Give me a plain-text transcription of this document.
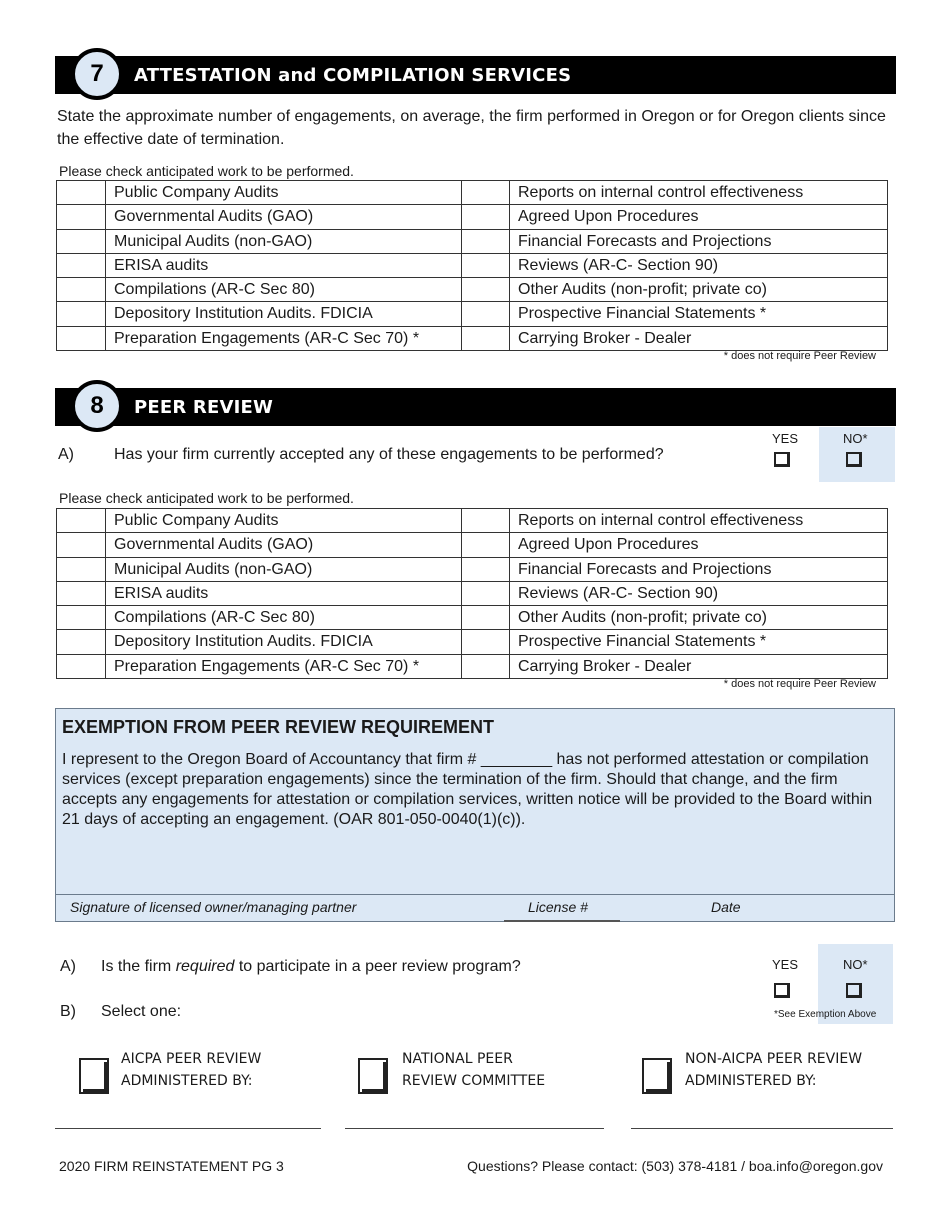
7	ATTESTATION and COMPILATION SERVICES
State the approximate number of engagements, on average, the firm performed in Oregon or for Oregon clients since the effective date of termination.
Please check anticipated work to be performed.
Public Company Audits	Reports on internal control effectiveness
Governmental Audits (GAO)	Agreed Upon Procedures
Municipal Audits (non-GAO)	Financial Forecasts and Projections
ERISA audits	Reviews (AR-C- Section 90)
Compilations (AR-C Sec 80)	Other Audits (non-profit; private co)
Depository Institution Audits. FDICIA	Prospective Financial Statements *
Preparation Engagements (AR-C Sec 70) *	Carrying Broker - Dealer
* does not require Peer Review
8	PEER REVIEW
A)	Has your firm currently accepted any of these engagements to be performed?
YES	NO*
Please check anticipated work to be performed.
Public Company Audits	Reports on internal control effectiveness
Governmental Audits (GAO)	Agreed Upon Procedures
Municipal Audits (non-GAO)	Financial Forecasts and Projections
ERISA audits	Reviews (AR-C- Section 90)
Compilations (AR-C Sec 80)	Other Audits (non-profit; private co)
Depository Institution Audits. FDICIA	Prospective Financial Statements *
Preparation Engagements (AR-C Sec 70) *	Carrying Broker - Dealer
* does not require Peer Review
EXEMPTION FROM PEER REVIEW REQUIREMENT
I represent to the Oregon Board of Accountancy that firm # ________ has not performed attestation or compilation services (except preparation engagements) since the termination of the firm. Should that change, and the firm accepts any engagements for attestation or compilation services, written notice will be provided to the Board within 21 days of accepting an engagement. (OAR 801-050-0040(1)(c)).
Signature of licensed owner/managing partner	License #	Date
A) Is the firm required to participate in a peer review program?
B) Select one:
YES	NO*
*See Exemption Above
AICPA PEER REVIEW
ADMINISTERED BY:
NATIONAL PEER
REVIEW COMMITTEE
NON-AICPA PEER REVIEW
ADMINISTERED BY:
2020 FIRM REINSTATEMENT PG 3	Questions? Please contact: (503) 378-4181 / boa.info@oregon.gov
